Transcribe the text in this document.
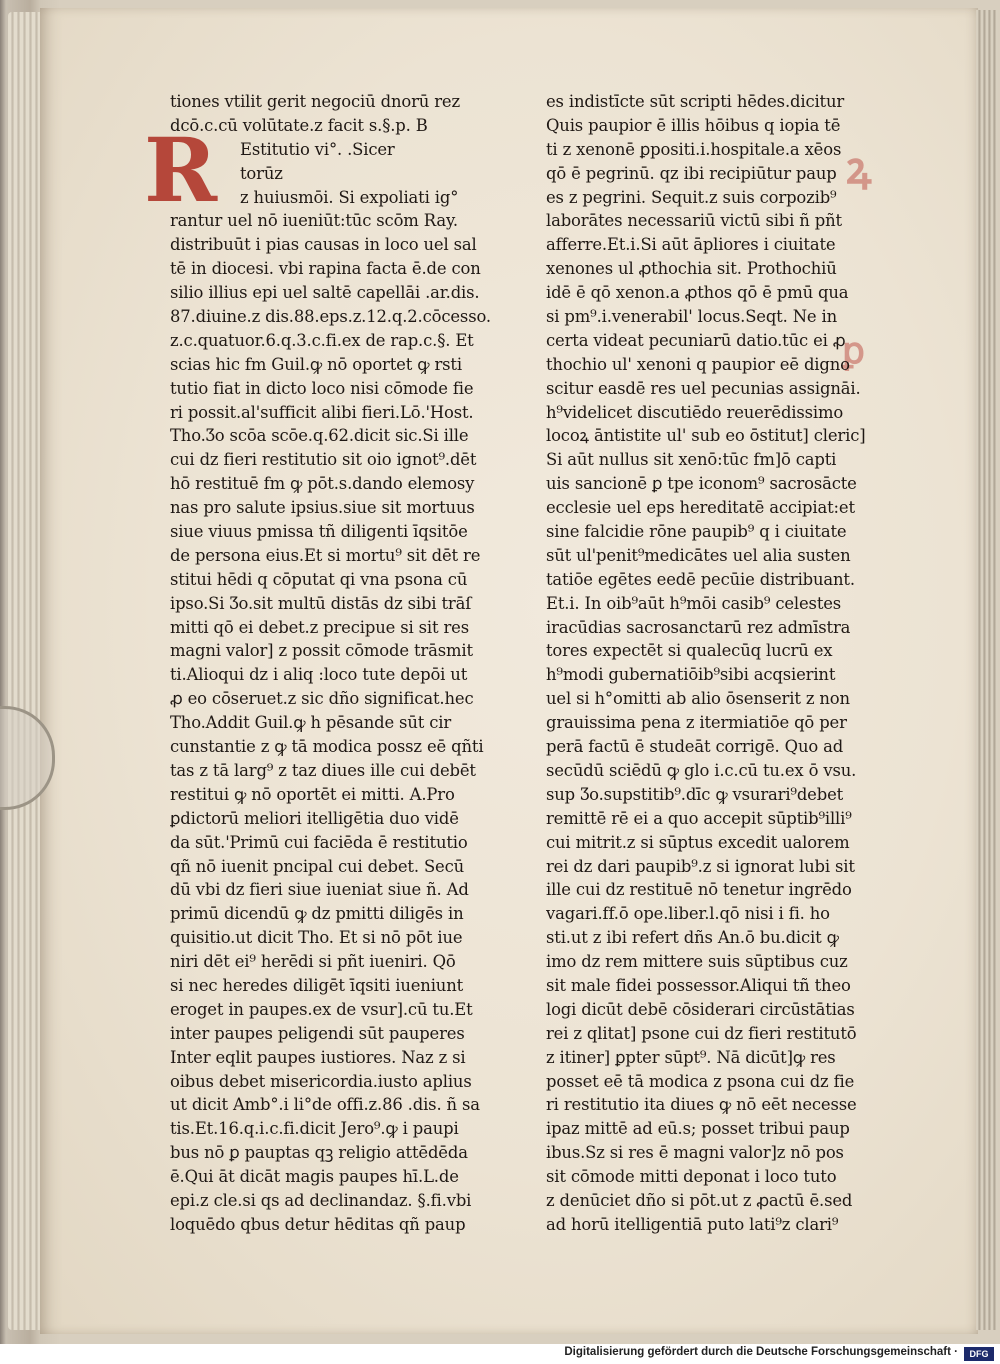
R	ꝝ
ꝑ
tiones vtilit gerit negociū dnorū rez
dcō.c.cū volūtate.z facit s.§.p. B
Estitutio vi°. .Sicer
torūz
z huiusmōi. Si expoliati ig°
rantur uel nō iueniūt:tūc scōm Ray.
distribuūt i pias causas in loco uel sal
tē in diocesi. vbi rapina facta ē.de con
silio illius epi uel saltē capellāi .ar.dis.
87.diuine.z dis.88.eps.z.12.q.2.cōcesso.
z.c.quatuor.6.q.3.c.fi.ex de rap.c.§. Et
scias hic fm Guil.ꝙ nō oportet ꝙ rsti
tutio fiat in dicto loco nisi cōmode fie
ri possit.al'sufficit alibi fieri.Lō.'Host.
Tho.Ʒo scōa scōe.q.62.dicit sic.Si ille
cui dz fieri restitutio sit oio ignot⁹.dēt
hō restituē fm ꝙ pōt.s.dando elemosy
nas pro salute ipsius.siue sit mortuus
siue viuus pmissa tñ diligenti īqsitōe
de persona eius.Et si mortu⁹ sit dēt re
stitui hēdi q cōputat qi vna psona cū
ipso.Si Ʒo.sit multū distās dz sibi trāſ
mitti qō ei debet.z precipue si sit res
magni valor] z possit cōmode trāsmit
ti.Alioqui dz i aliq :loco tute depōi ut
ꝓ eo cōseruet.z sic dño significat.hec
Tho.Addit Guil.ꝙ h pēsande sūt cir
cunstantie z ꝙ tā modica possz eē qñti
tas z tā larg⁹ z taz diues ille cui debēt
restitui ꝙ nō oportēt ei mitti. A.Pro
ꝑdictorū meliori itelligētia duo vidē
da sūt.'Primū cui faciēda ē restitutio
qñ nō iuenit pncipal cui debet. Secū
dū vbi dz fieri siue iueniat siue ñ. Ad
primū dicendū ꝙ dz pmitti diligēs in
quisitio.ut dicit Tho. Et si nō pōt iue
niri dēt ei⁹ herēdi si pñt iueniri. Qō
si nec heredes diligēt īqsiti iueniunt
eroget in paupes.ex de vsur].cū tu.Et
inter paupes peligendi sūt pauperes
Inter eqlit paupes iustiores. Naz z si
oibus debet misericordia.iusto aplius
ut dicit Amb°.i li°de offi.z.86 .dis. ñ sa
tis.Et.16.q.i.c.fi.dicit Jero⁹.ꝙ i paupi
bus nō ꝑ pauptas qꝫ religio attēdēda
ē.Qui āt dicāt magis paupes hī.L.de
epi.z cle.si qs ad declinandaz. §.fi.vbi
loquēdo qbus detur hēditas qñ paup
es indistīcte sūt scripti hēdes.dicitur
Quis paupior ē illis hōibus q iopia tē
ti z xenonē ꝑpositi.i.hospitale.a xēos
qō ē pegrinū. qz ibi recipiūtur paup
es z pegrini. Sequit.z suis corpozib⁹
laborātes necessariū victū sibi ñ pñt
afferre.Et.i.Si aūt āpliores i ciuitate
xenones ul ꝓthochia sit. Prothochiū
idē ē qō xenon.a ꝓthos qō ē pmū qua
si pm⁹.i.venerabil' locus.Seqt. Ne in
certa videat pecuniarū datio.tūc ei ꝓ
thochio ul' xenoni q paupior eē digno
scitur easdē res uel pecunias assignāi.
h⁹videlicet discutiēdo reuerēdissimo
locoꝝ āntistite ul' sub eo ōstitut] cleric]
Si aūt nullus sit xenō:tūc fm]ō capti
uis sancionē ꝑ tpe iconom⁹ sacrosācte
ecclesie uel eps hereditatē accipiat:et
sine falcidie rōne paupib⁹ q i ciuitate
sūt ul'penit⁹medicātes uel alia susten
tatiōe egētes eedē pecūie distribuant.
Et.i. In oib⁹aūt h⁹mōi casib⁹ celestes
iracūdias sacrosanctarū rez admīstra
tores expectēt si qualecūq lucrū ex
h⁹modi gubernatiōib⁹sibi acqsierint
uel si h°omitti ab alio ōsenserit z non
grauissima pena z itermiatiōe qō per
perā factū ē studeāt corrigē. Quo ad
secūdū sciēdū ꝙ glo i.c.cū tu.ex ō vsu.
sup Ʒo.supstitib⁹.dīc ꝙ vsurari⁹debet
remittē rē ei a quo accepit sūptib⁹illi⁹
cui mitrit.z si sūptus excedit ualorem
rei dz dari paupib⁹.z si ignorat lubi sit
ille cui dz restituē nō tenetur ingrēdo
vagari.ff.ō ope.liber.l.qō nisi i fi. ho
sti.ut z ibi refert dñs An.ō bu.dicit ꝙ
imo dz rem mittere suis sūptibus cuz
sit male fidei possessor.Aliqui tñ theo
logi dicūt debē cōsiderari circūstātias
rei z qlitat] psone cui dz fieri restitutō
z itiner] ꝑpter sūpt⁹. Nā dicūt]ꝙ res
posset eē tā modica z psona cui dz fie
ri restitutio ita diues ꝙ nō eēt necesse
ipaz mittē ad eū.s; posset tribui paup
ibus.Sz si res ē magni valor]z nō pos
sit cōmode mitti deponat i loco tuto
z denūciet dño si pōt.ut z ꝓactū ē.sed
ad horū itelligentiā puto lati⁹z clari⁹
Digitalisierung gefördert durch die Deutsche Forschungsgemeinschaft ·	DFG
